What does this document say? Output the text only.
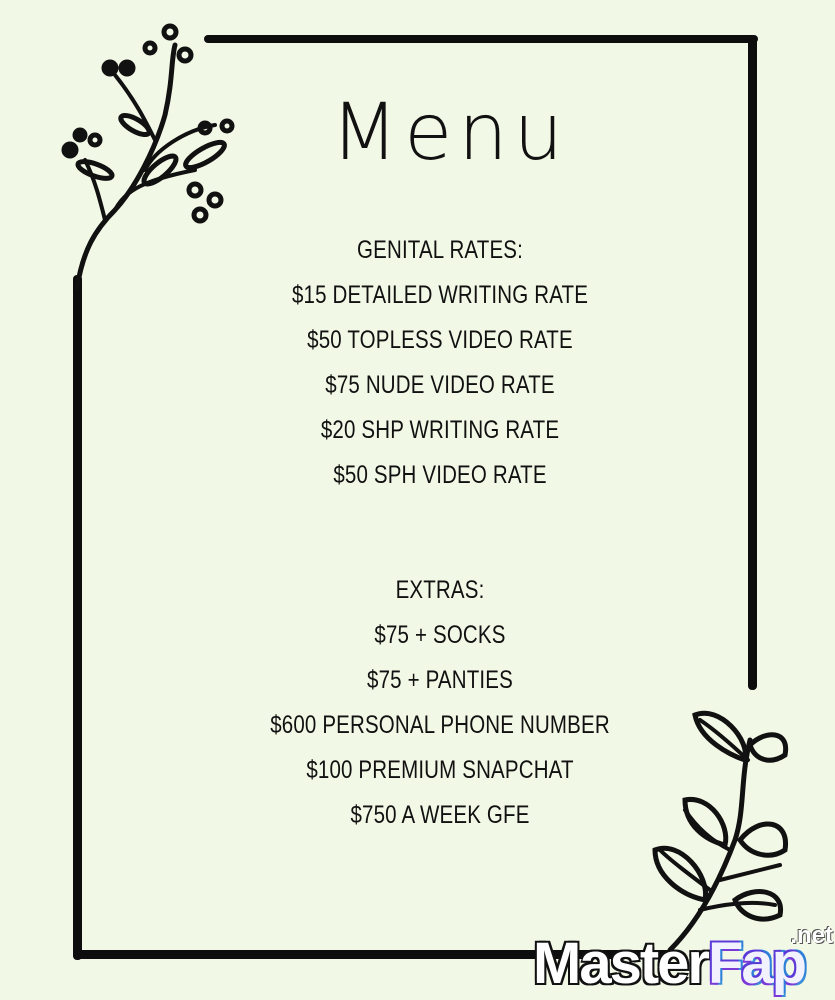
Menu
GENITAL RATES:
$15 DETAILED WRITING RATE
$50 TOPLESS VIDEO RATE
$75 NUDE VIDEO RATE
$20 SHP WRITING RATE
$50 SPH VIDEO RATE
EXTRAS:
$75 + SOCKS
$75 + PANTIES
$600 PERSONAL PHONE NUMBER
$100 PREMIUM SNAPCHAT
$750 A WEEK GFE
MasterFap
.net
